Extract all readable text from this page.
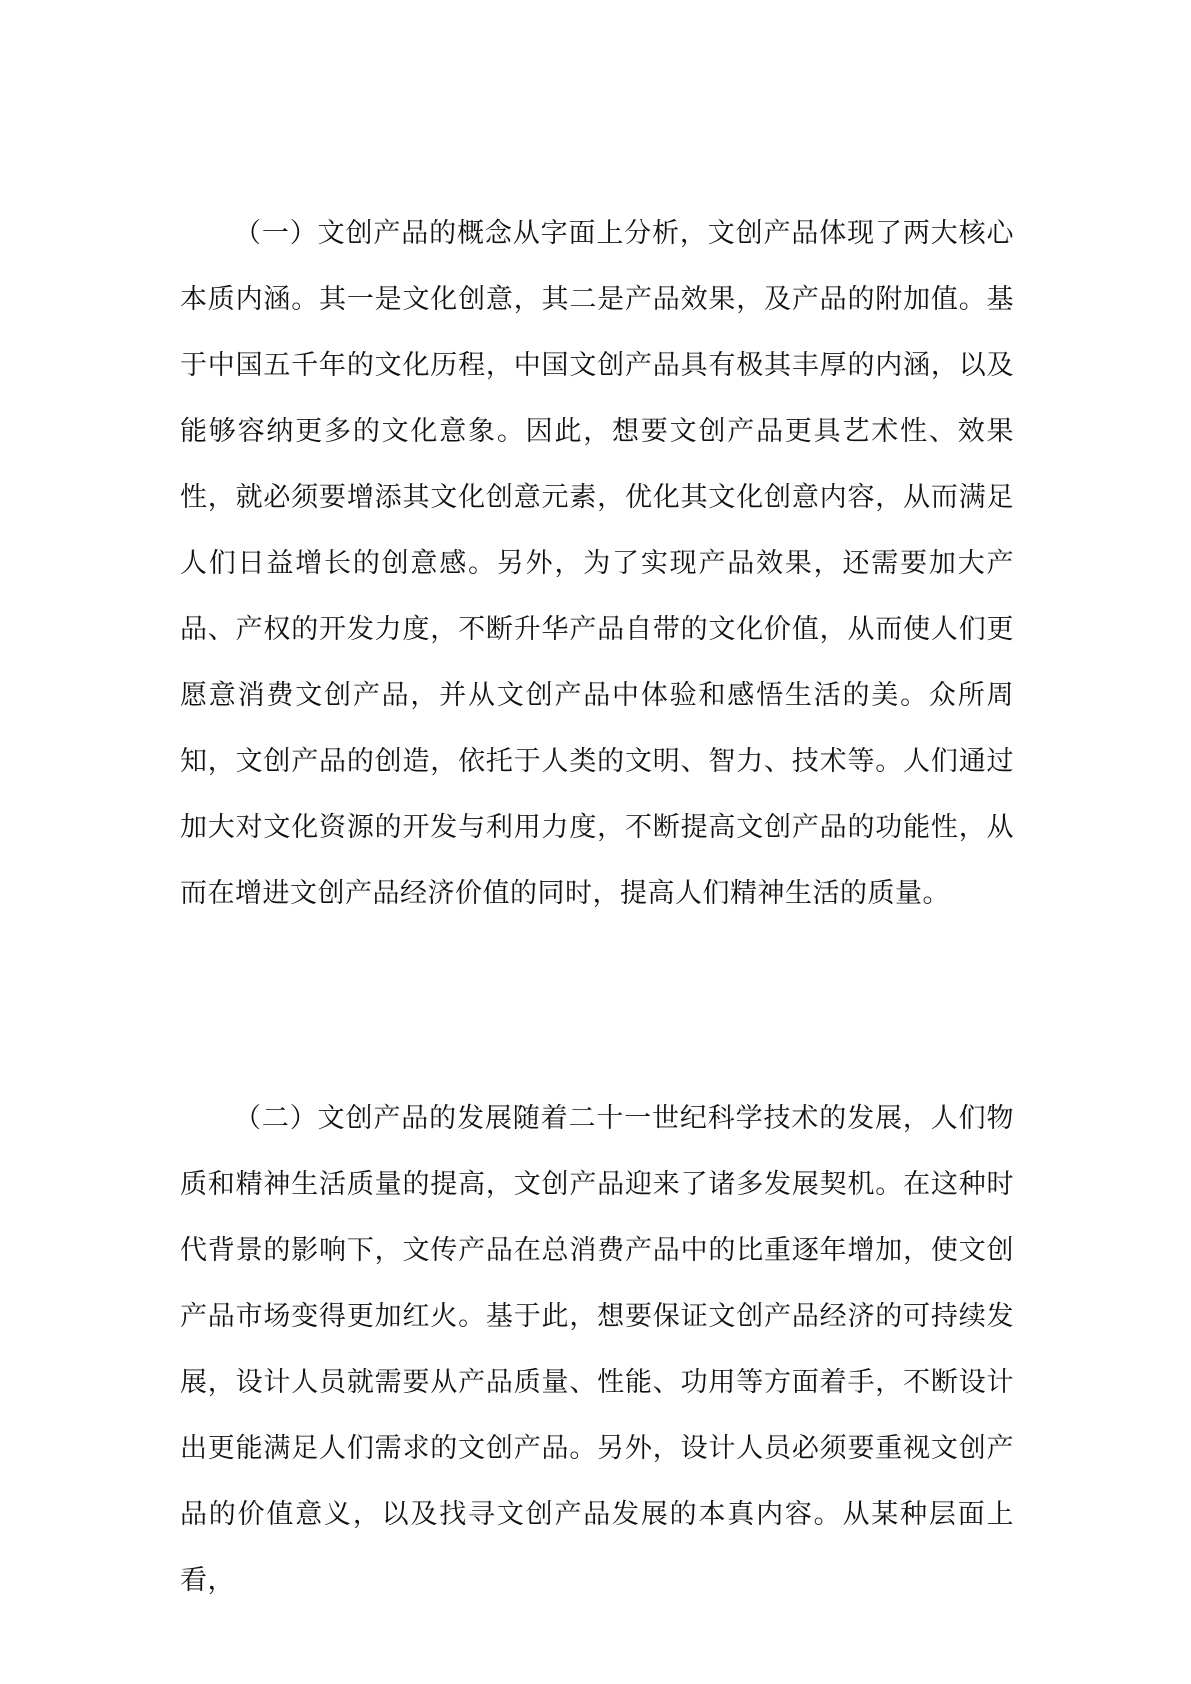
（一）文创产品的概念从字面上分析，文创产品体现了两大核心本质内涵。其一是文化创意，其二是产品效果，及产品的附加值。基于中国五千年的文化历程，中国文创产品具有极其丰厚的内涵，以及能够容纳更多的文化意象。因此，想要文创产品更具艺术性、效果性，就必须要增添其文化创意元素，优化其文化创意内容，从而满足人们日益增长的创意感。另外，为了实现产品效果，还需要加大产品、产权的开发力度，不断升华产品自带的文化价值，从而使人们更愿意消费文创产品，并从文创产品中体验和感悟生活的美。众所周知，文创产品的创造，依托于人类的文明、智力、技术等。人们通过加大对文化资源的开发与利用力度，不断提高文创产品的功能性，从而在增进文创产品经济价值的同时，提高人们精神生活的质量。

（二）文创产品的发展随着二十一世纪科学技术的发展，人们物质和精神生活质量的提高，文创产品迎来了诸多发展契机。在这种时代背景的影响下，文传产品在总消费产品中的比重逐年增加，使文创产品市场变得更加红火。基于此，想要保证文创产品经济的可持续发展，设计人员就需要从产品质量、性能、功用等方面着手，不断设计出更能满足人们需求的文创产品。另外，设计人员必须要重视文创产品的价值意义，以及找寻文创产品发展的本真内容。从某种层面上看，
